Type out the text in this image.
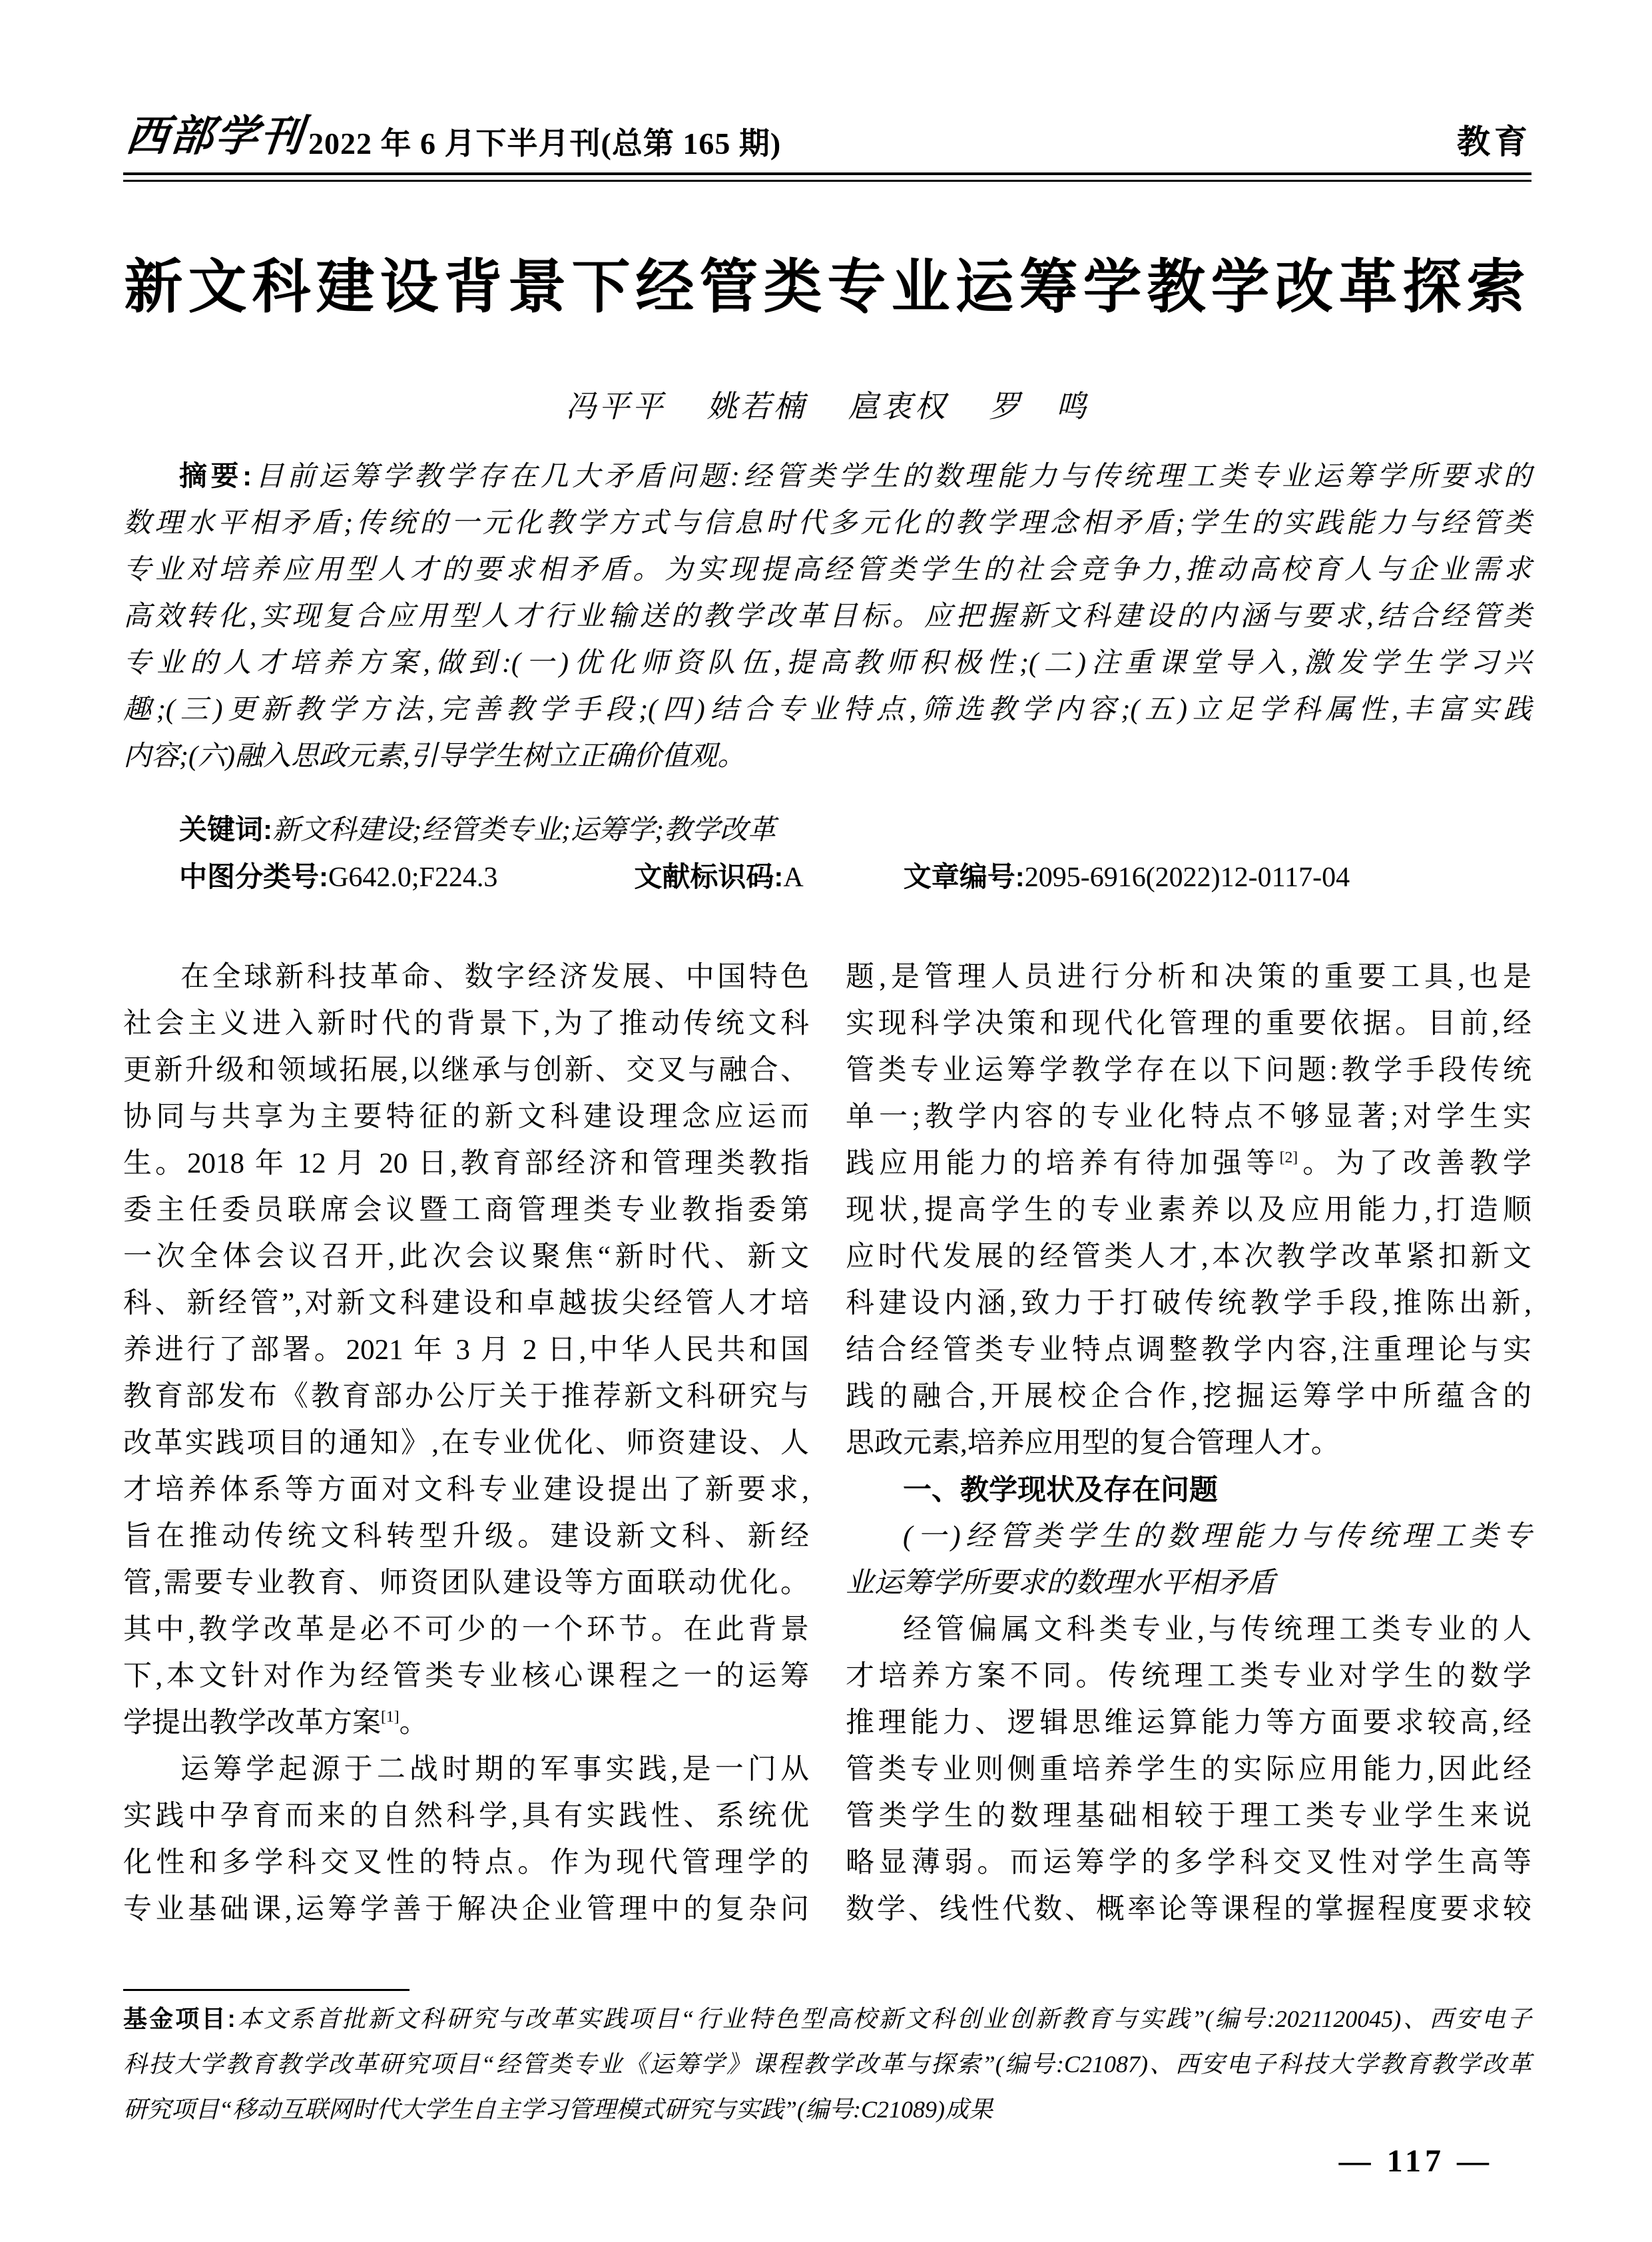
西部学刊 2022 年 6 月下半月刊(总第 165 期)	教育
新文科建设背景下经管类专业运筹学教学改革探索
冯平平 姚若楠 扈衷权 罗　鸣
摘要:目前运筹学教学存在几大矛盾问题:经管类学生的数理能力与传统理工类专业运筹学所要求的
数理水平相矛盾;传统的一元化教学方式与信息时代多元化的教学理念相矛盾;学生的实践能力与经管类
专业对培养应用型人才的要求相矛盾。为实现提高经管类学生的社会竞争力,推动高校育人与企业需求
高效转化,实现复合应用型人才行业输送的教学改革目标。应把握新文科建设的内涵与要求,结合经管类
专业的人才培养方案,做到:(一)优化师资队伍,提高教师积极性;(二)注重课堂导入,激发学生学习兴
趣;(三)更新教学方法,完善教学手段;(四)结合专业特点,筛选教学内容;(五)立足学科属性,丰富实践
内容;(六)融入思政元素,引导学生树立正确价值观。
关键词:新文科建设;经管类专业;运筹学;教学改革
中图分类号:G642.0;F224.3	文献标识码:A	文章编号:2095-6916(2022)12-0117-04
在全球新科技革命、数字经济发展、中国特色
社会主义进入新时代的背景下,为了推动传统文科
更新升级和领域拓展,以继承与创新、交叉与融合、
协同与共享为主要特征的新文科建设理念应运而
生。2018 年 12 月 20 日,教育部经济和管理类教指
委主任委员联席会议暨工商管理类专业教指委第
一次全体会议召开,此次会议聚焦“新时代、新文
科、新经管”,对新文科建设和卓越拔尖经管人才培
养进行了部署。2021 年 3 月 2 日,中华人民共和国
教育部发布《教育部办公厅关于推荐新文科研究与
改革实践项目的通知》,在专业优化、师资建设、人
才培养体系等方面对文科专业建设提出了新要求,
旨在推动传统文科转型升级。建设新文科、新经
管,需要专业教育、师资团队建设等方面联动优化。
其中,教学改革是必不可少的一个环节。在此背景
下,本文针对作为经管类专业核心课程之一的运筹
学提出教学改革方案[1]。
运筹学起源于二战时期的军事实践,是一门从
实践中孕育而来的自然科学,具有实践性、系统优
化性和多学科交叉性的特点。作为现代管理学的
专业基础课,运筹学善于解决企业管理中的复杂问
题,是管理人员进行分析和决策的重要工具,也是
实现科学决策和现代化管理的重要依据。目前,经
管类专业运筹学教学存在以下问题:教学手段传统
单一;教学内容的专业化特点不够显著;对学生实
践应用能力的培养有待加强等[2]。为了改善教学
现状,提高学生的专业素养以及应用能力,打造顺
应时代发展的经管类人才,本次教学改革紧扣新文
科建设内涵,致力于打破传统教学手段,推陈出新,
结合经管类专业特点调整教学内容,注重理论与实
践的融合,开展校企合作,挖掘运筹学中所蕴含的
思政元素,培养应用型的复合管理人才。
一、教学现状及存在问题
(一)经管类学生的数理能力与传统理工类专
业运筹学所要求的数理水平相矛盾
经管偏属文科类专业,与传统理工类专业的人
才培养方案不同。传统理工类专业对学生的数学
推理能力、逻辑思维运算能力等方面要求较高,经
管类专业则侧重培养学生的实际应用能力,因此经
管类学生的数理基础相较于理工类专业学生来说
略显薄弱。而运筹学的多学科交叉性对学生高等
数学、线性代数、概率论等课程的掌握程度要求较
基金项目:本文系首批新文科研究与改革实践项目“行业特色型高校新文科创业创新教育与实践”(编号:2021120045)、西安电子
科技大学教育教学改革研究项目“经管类专业《运筹学》课程教学改革与探索”(编号:C21087)、西安电子科技大学教育教学改革
研究项目“移动互联网时代大学生自主学习管理模式研究与实践”(编号:C21089)成果
— 117 —
